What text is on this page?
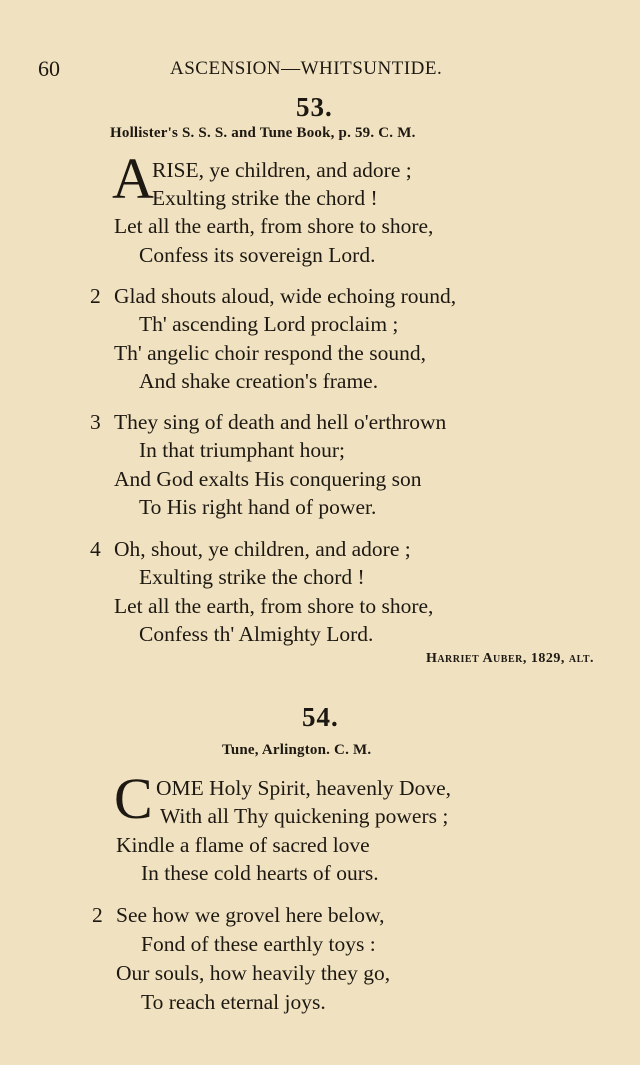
60	ASCENSION—WHITSUNTIDE.
53.
Hollister's S. S. S. and Tune Book, p. 59. C. M.
A
RISE, ye children, and adore ;
Exulting strike the chord !
Let all the earth, from shore to shore,
Confess its sovereign Lord.
2 Glad shouts aloud, wide echoing round,
Th' ascending Lord proclaim ;
Th' angelic choir respond the sound,
And shake creation's frame.
3 They sing of death and hell o'erthrown
In that triumphant hour;
And God exalts His conquering son
To His right hand of power.
4 Oh, shout, ye children, and adore ;
Exulting strike the chord !
Let all the earth, from shore to shore,
Confess th' Almighty Lord.
Harriet Auber, 1829, alt.
54.
Tune, Arlington. C. M.
C OME Holy Spirit, heavenly Dove,
With all Thy quickening powers ;
Kindle a flame of sacred love
In these cold hearts of ours.
2 See how we grovel here below,
Fond of these earthly toys :
Our souls, how heavily they go,
To reach eternal joys.
